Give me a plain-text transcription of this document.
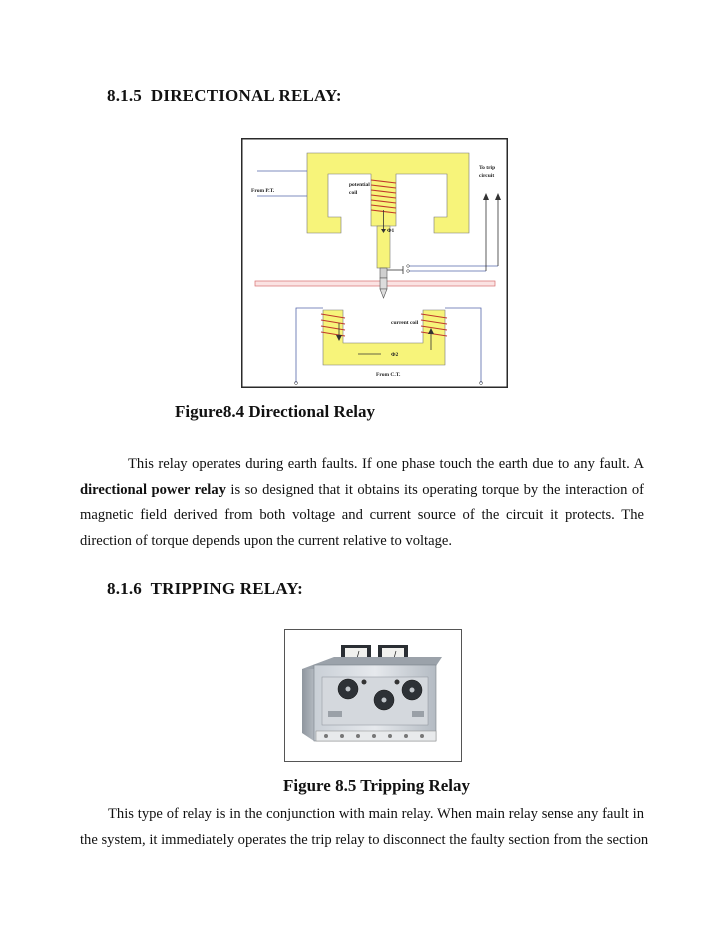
8.1.5 DIRECTIONAL RELAY:
potential
coil
Φ1
From P.T.
To trip
circuit
Φ2
current coil
From C.T.
Figure8.4 Directional Relay
This relay operates during earth faults. If one phase touch the earth due to any fault. A
directional power relay is so designed that it obtains its operating torque by the interaction of
magnetic field derived from both voltage and current source of the circuit it protects. The
direction of torque depends upon the current relative to voltage.
8.1.6 TRIPPING RELAY:
Figure 8.5 Tripping Relay
This type of relay is in the conjunction with main relay. When main relay sense any fault in
the system, it immediately operates the trip relay to disconnect the faulty section from the section
